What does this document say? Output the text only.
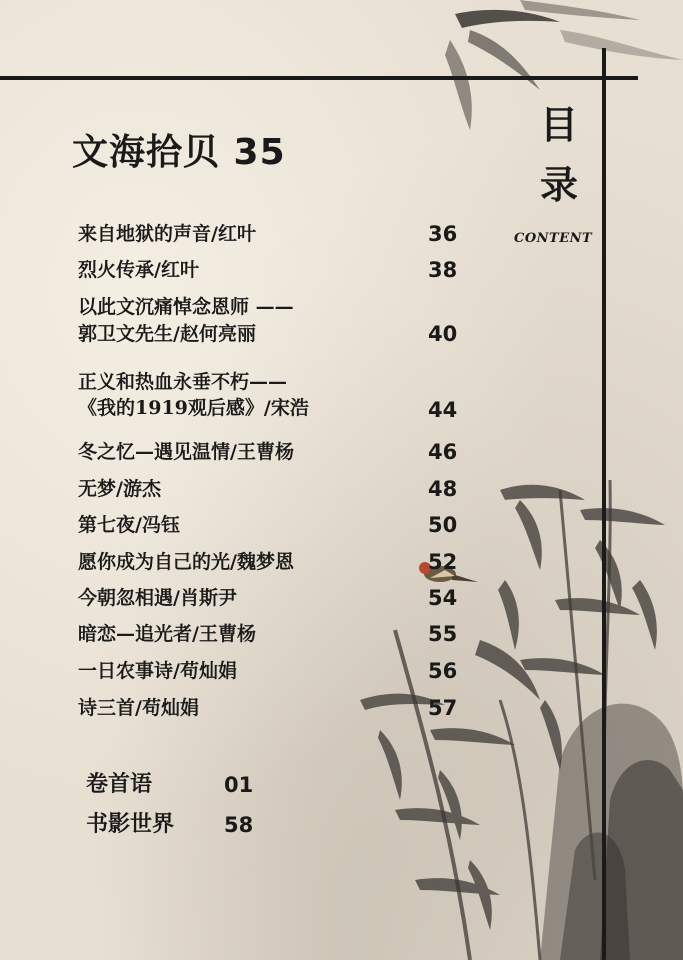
文海拾贝 35
目
录
CONTENT
来自地狱的声音/红叶	36
烈火传承/红叶	38
以此文沉痛悼念恩师 ——
郭卫文先生/赵何亮丽	40
正义和热血永垂不朽——
《我的1919观后感》/宋浩	44
冬之忆—遇见温情/王曹杨	46
无梦/游杰	48
第七夜/冯钰	50
愿你成为自己的光/魏梦恩	52
今朝忽相遇/肖斯尹	54
暗恋—追光者/王曹杨	55
一日农事诗/苟灿娟	56
诗三首/苟灿娟	57
卷首语	01
书影世界 58
